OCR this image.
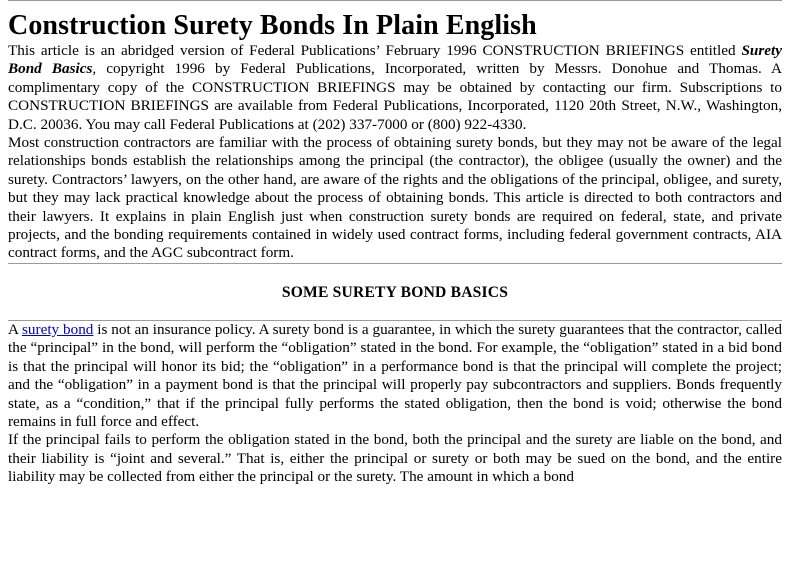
Construction Surety Bonds In Plain English

This article is an abridged version of Federal Publications’ February 1996 CONSTRUCTION BRIEFINGS entitled Surety Bond Basics, copyright 1996 by Federal Publications, Incorporated, written by Messrs. Donohue and Thomas. A complimentary copy of the CONSTRUCTION BRIEFINGS may be obtained by contacting our firm. Subscriptions to CONSTRUCTION BRIEFINGS are available from Federal Publications, Incorporated, 1120 20th Street, N.W., Washington, D.C. 20036. You may call Federal Publications at (202) 337-7000 or (800) 922-4330.

Most construction contractors are familiar with the process of obtaining surety bonds, but they may not be aware of the legal relationships bonds establish the relationships among the principal (the contractor), the obligee (usually the owner) and the surety. Contractors’ lawyers, on the other hand, are aware of the rights and the obligations of the principal, obligee, and surety, but they may lack practical knowledge about the process of obtaining bonds. This article is directed to both contractors and their lawyers. It explains in plain English just when construction surety bonds are required on federal, state, and private projects, and the bonding requirements contained in widely used contract forms, including federal government contracts, AIA contract forms, and the AGC subcontract form.

SOME SURETY BOND BASICS

A surety bond is not an insurance policy. A surety bond is a guarantee, in which the surety guarantees that the contractor, called the “principal” in the bond, will perform the “obligation” stated in the bond. For example, the “obligation” stated in a bid bond is that the principal will honor its bid; the “obligation” in a performance bond is that the principal will complete the project; and the “obligation” in a payment bond is that the principal will properly pay subcontractors and suppliers. Bonds frequently state, as a “condition,” that if the principal fully performs the stated obligation, then the bond is void; otherwise the bond remains in full force and effect.

If the principal fails to perform the obligation stated in the bond, both the principal and the surety are liable on the bond, and their liability is “joint and several.” That is, either the principal or surety or both may be sued on the bond, and the entire liability may be collected from either the principal or the surety. The amount in which a bond
